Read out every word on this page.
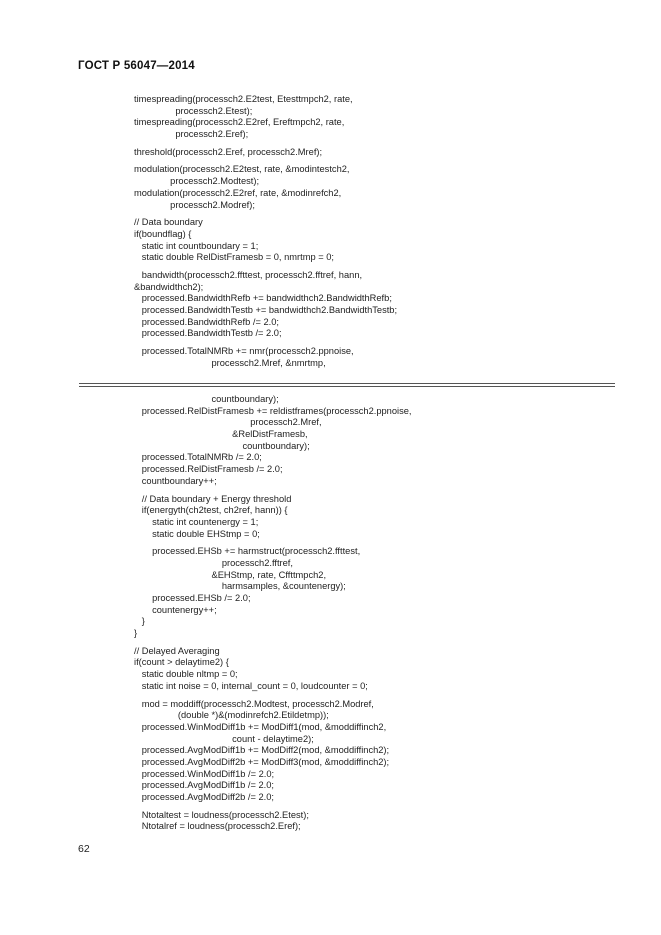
ГОСТ Р 56047—2014
timespreading(processch2.E2test, Etesttmpch2, rate,
processch2.Etest);
timespreading(processch2.E2ref, Ereftmpch2, rate,
processch2.Eref);
threshold(processch2.Eref, processch2.Mref);
modulation(processch2.E2test, rate, &modintestch2,
processch2.Modtest);
modulation(processch2.E2ref, rate, &modinrefch2,
processch2.Modref);
// Data boundary
if(boundflag) {
static int countboundary = 1;
static double RelDistFramesb = 0, nmrtmp = 0;
bandwidth(processch2.ffttest, processch2.fftref, hann,
&bandwidthch2);
processed.BandwidthRefb += bandwidthch2.BandwidthRefb;
processed.BandwidthTestb += bandwidthch2.BandwidthTestb;
processed.BandwidthRefb /= 2.0;
processed.BandwidthTestb /= 2.0;
processed.TotalNMRb += nmr(processch2.ppnoise,
processch2.Mref, &nmrtmp,
countboundary);
processed.RelDistFramesb += reldistframes(processch2.ppnoise,
processch2.Mref,
&RelDistFramesb,
countboundary);
processed.TotalNMRb /= 2.0;
processed.RelDistFramesb /= 2.0;
countboundary++;
// Data boundary + Energy threshold
if(energyth(ch2test, ch2ref, hann)) {
static int countenergy = 1;
static double EHStmp = 0;
processed.EHSb += harmstruct(processch2.ffttest,
processch2.fftref,
&EHStmp, rate, Cffttmpch2,
harmsamples, &countenergy);
processed.EHSb /= 2.0;
countenergy++;
}
}
// Delayed Averaging
if(count > delaytime2) {
static double nltmp = 0;
static int noise = 0, internal_count = 0, loudcounter = 0;
mod = moddiff(processch2.Modtest, processch2.Modref,
(double *)&(modinrefch2.Etildetmp));
processed.WinModDiff1b += ModDiff1(mod, &moddiffinch2,
count - delaytime2);
processed.AvgModDiff1b += ModDiff2(mod, &moddiffinch2);
processed.AvgModDiff2b += ModDiff3(mod, &moddiffinch2);
processed.WinModDiff1b /= 2.0;
processed.AvgModDiff1b /= 2.0;
processed.AvgModDiff2b /= 2.0;
Ntotaltest = loudness(processch2.Etest);
Ntotalref = loudness(processch2.Eref);
62
